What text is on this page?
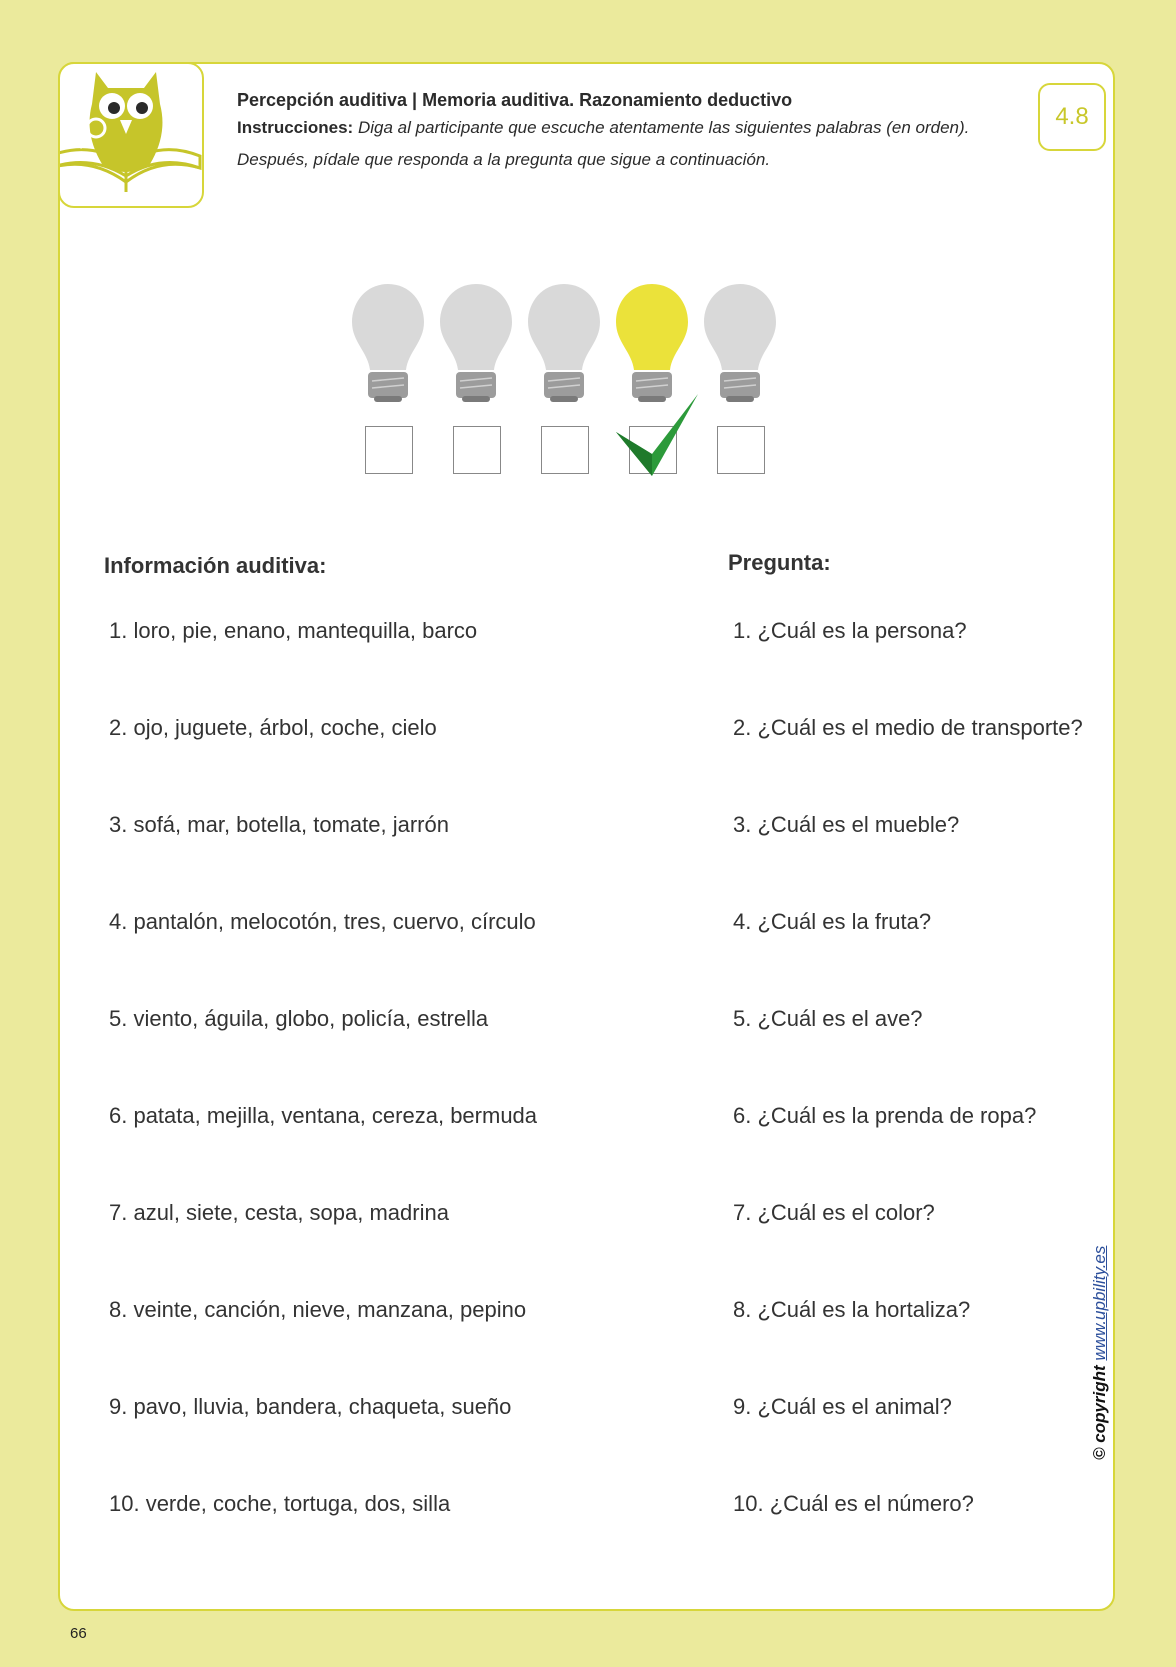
Percepción auditiva | Memoria auditiva. Razonamiento deductivo

Instrucciones: Diga al participante que escuche atentamente las siguientes palabras (en orden).

Después, pídale que responda a la pregunta que sigue a continuación.

4.8
Información auditiva:	Pregunta:
1. loro, pie, enano, mantequilla, barco
2. ojo, juguete, árbol, coche, cielo
3. sofá, mar, botella, tomate, jarrón
4. pantalón, melocotón, tres, cuervo, círculo
5. viento, águila, globo, policía, estrella
6. patata, mejilla, ventana, cereza, bermuda
7. azul, siete, cesta, sopa, madrina
8. veinte, canción, nieve, manzana, pepino
9. pavo, lluvia, bandera, chaqueta, sueño
10. verde, coche, tortuga, dos, silla
1. ¿Cuál es la persona?
2. ¿Cuál es el medio de transporte?
3. ¿Cuál es el mueble?
4. ¿Cuál es la fruta?
5. ¿Cuál es el ave?
6. ¿Cuál es la prenda de ropa?
7. ¿Cuál es el color?
8. ¿Cuál es la hortaliza?
9. ¿Cuál es el animal?
10. ¿Cuál es el número?
© copyright www.upbility.es
66
